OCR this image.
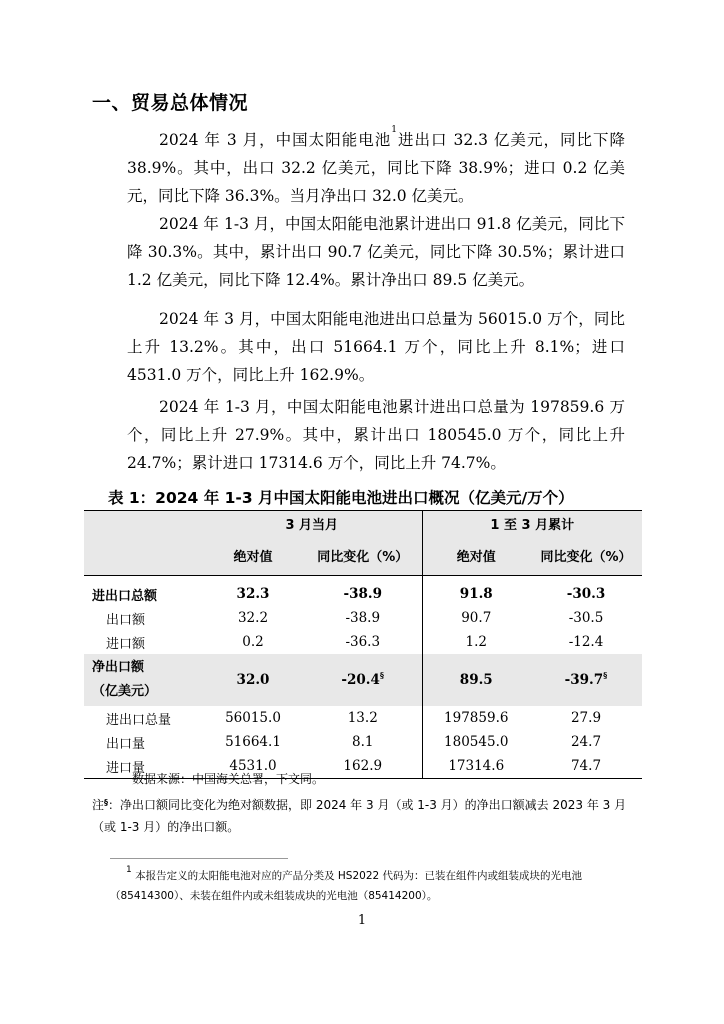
一、贸易总体情况

2024 年 3 月，中国太阳能电池$^1$进出口 32.3 亿美元，同比下降 38.9%。其中，出口 32.2 亿美元，同比下降 38.9%；进口 0.2 亿美元，同比下降 36.3%。当月净出口 32.0 亿美元。

2024 年 1-3 月，中国太阳能电池累计进出口 91.8 亿美元，同比下降 30.3%。其中，累计出口 90.7 亿美元，同比下降 30.5%；累计进口 1.2 亿美元，同比下降 12.4%。累计净出口 89.5 亿美元。

2024 年 3 月，中国太阳能电池进出口总量为 56015.0 万个，同比上升 13.2%。其中，出口 51664.1 万个，同比上升 8.1%；进口 4531.0 万个，同比上升 162.9%。

2024 年 1-3 月，中国太阳能电池累计进出口总量为 197859.6 万个，同比上升 27.9%。其中，累计出口 180545.0 万个，同比上升 24.7%；累计进口 17314.6 万个，同比上升 74.7%。

表 1：2024 年 1-3 月中国太阳能电池进出口概况（亿美元/万个）
	3 月当月		1 至 3 月累计	
	绝对值	同比变化（%）	绝对值	同比变化（%）

进出口总额	32.3	-38.9	91.8	-30.3
出口额	32.2	-38.9	90.7	-30.5
进口额	0.2	-36.3	1.2	-12.4
净出口额
（亿美元）	32.0	-20.4§	89.5	-39.7§
进出口总量	56015.0	13.2	197859.6	27.9
出口量	51664.1	8.1	180545.0	24.7
进口量	4531.0	162.9	17314.6	74.7
数据来源：中国海关总署，下文同。
注§：净出口额同比变化为绝对额数据，即 2024 年 3 月（或 1-3 月）的净出口额减去 2023 年 3 月（或 1-3 月）的净出口额。
$^1$ 本报告定义的太阳能电池对应的产品分类及 HS2022 代码为：已装在组件内或组装成块的光电池（85414300）、未装在组件内或未组装成块的光电池（85414200）。
1
